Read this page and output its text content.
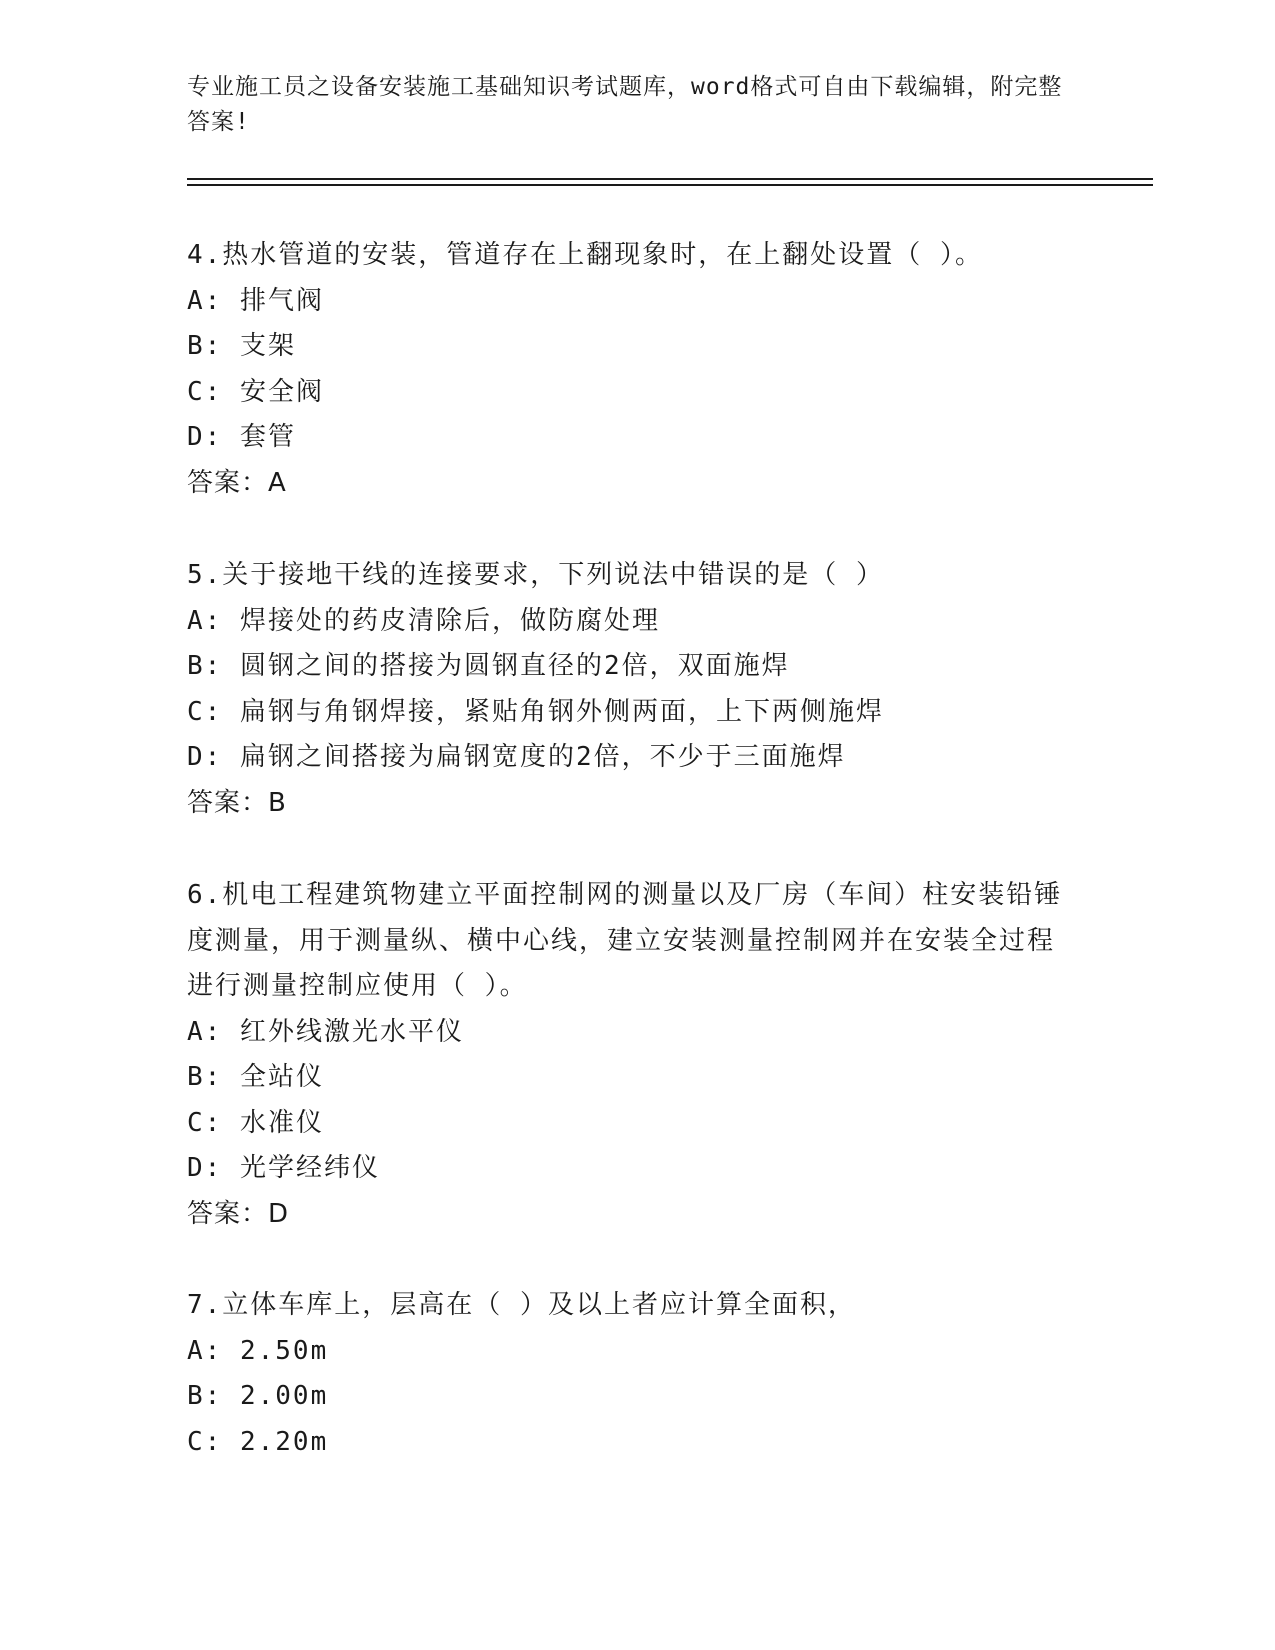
专业施工员之设备安装施工基础知识考试题库，word格式可自由下载编辑，附完整答案!

4.热水管道的安装，管道存在上翻现象时，在上翻处设置（ ）。

A: 排气阀

B: 支架

C: 安全阀

D: 套管

答案：A

5.关于接地干线的连接要求，下列说法中错误的是（ ）

A: 焊接处的药皮清除后，做防腐处理

B: 圆钢之间的搭接为圆钢直径的2倍，双面施焊

C: 扁钢与角钢焊接，紧贴角钢外侧两面，上下两侧施焊

D: 扁钢之间搭接为扁钢宽度的2倍，不少于三面施焊

答案：B

6.机电工程建筑物建立平面控制网的测量以及厂房（车间）柱安装铅锤度测量，用于测量纵、横中心线，建立安装测量控制网并在安装全过程进行测量控制应使用（ ）。

A: 红外线激光水平仪

B: 全站仪

C: 水准仪

D: 光学经纬仪

答案：D

7.立体车库上，层高在（ ）及以上者应计算全面积，

A: 2.50m

B: 2.00m

C: 2.20m
